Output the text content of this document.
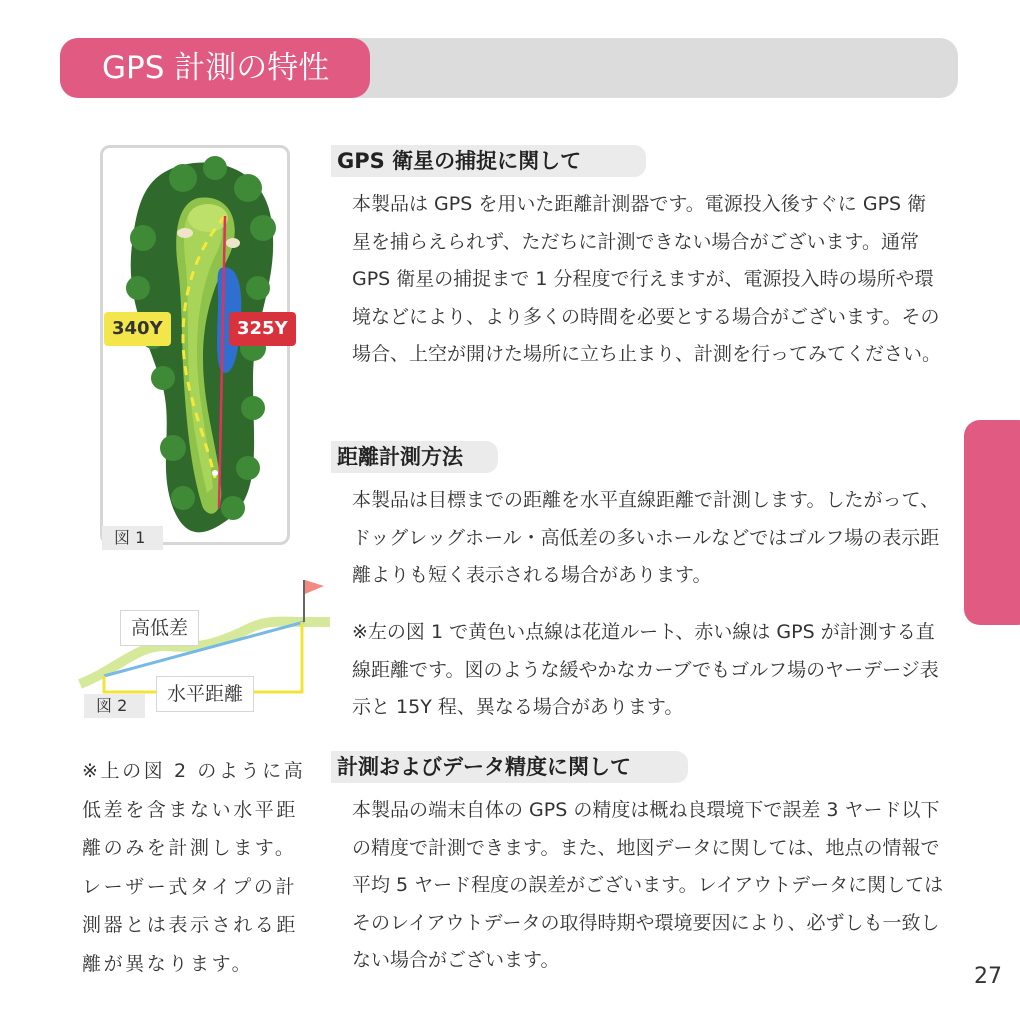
GPS 計測の特性
340Y	325Y
図 1
高低差
水平距離
図 2

※上の図 2 のように高低差を含まない水平距離のみを計測します。レーザー式タイプの計測器とは表示される距離が異なります。

GPS 衛星の捕捉に関して

本製品は GPS を用いた距離計測器です。電源投入後すぐに GPS 衛星を捕らえられず、ただちに計測できない場合がございます。通常 GPS 衛星の捕捉まで 1 分程度で行えますが、電源投入時の場所や環境などにより、より多くの時間を必要とする場合がございます。その場合、上空が開けた場所に立ち止まり、計測を行ってみてください。

距離計測方法

本製品は目標までの距離を水平直線距離で計測します。したがって、ドッグレッグホール・高低差の多いホールなどではゴルフ場の表示距離よりも短く表示される場合があります。

※左の図 1 で黄色い点線は花道ルート、赤い線は GPS が計測する直線距離です。図のような緩やかなカーブでもゴルフ場のヤーデージ表示と 15Y 程、異なる場合があります。

計測およびデータ精度に関して

本製品の端末自体の GPS の精度は概ね良環境下で誤差 3 ヤード以下の精度で計測できます。また、地図データに関しては、地点の情報で平均 5 ヤード程度の誤差がございます。レイアウトデータに関してはそのレイアウトデータの取得時期や環境要因により、必ずしも一致しない場合がございます。

27
